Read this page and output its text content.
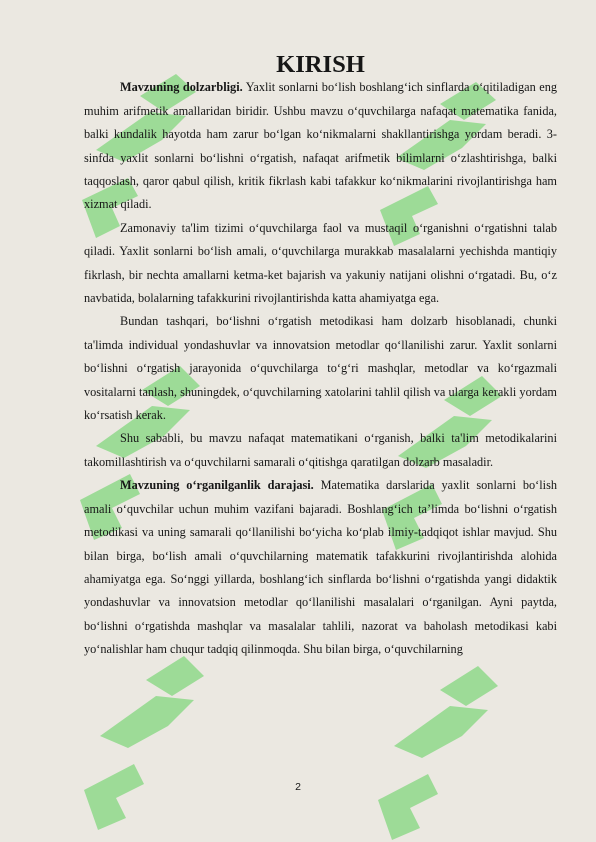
KIRISH

Mavzuning dolzarbligi. Yaxlit sonlarni bo‘lish boshlang‘ich sinflarda o‘qitiladigan eng muhim arifmetik amallaridan biridir. Ushbu mavzu o‘quvchilarga nafaqat matematika fanida, balki kundalik hayotda ham zarur bo‘lgan ko‘nikmalarni shakllantirishga yordam beradi. 3-sinfda yaxlit sonlarni bo‘lishni o‘rgatish, nafaqat arifmetik bilimlarni o‘zlashtirishga, balki taqqoslash, qaror qabul qilish, kritik fikrlash kabi tafakkur ko‘nikmalarini rivojlantirishga ham xizmat qiladi.

Zamonaviy ta'lim tizimi o‘quvchilarga faol va mustaqil o‘rganishni o‘rgatishni talab qiladi. Yaxlit sonlarni bo‘lish amali, o‘quvchilarga murakkab masalalarni yechishda mantiqiy fikrlash, bir nechta amallarni ketma-ket bajarish va yakuniy natijani olishni o‘rgatadi. Bu, o‘z navbatida, bolalarning tafakkurini rivojlantirishda katta ahamiyatga ega.

Bundan tashqari, bo‘lishni o‘rgatish metodikasi ham dolzarb hisoblanadi, chunki ta'limda individual yondashuvlar va innovatsion metodlar qo‘llanilishi zarur. Yaxlit sonlarni bo‘lishni o‘rgatish jarayonida o‘quvchilarga to‘g‘ri mashqlar, metodlar va ko‘rgazmali vositalarni tanlash, shuningdek, o‘quvchilarning xatolarini tahlil qilish va ularga kerakli yordam ko‘rsatish kerak.

Shu sababli, bu mavzu nafaqat matematikani o‘rganish, balki ta'lim metodikalarini takomillashtirish va o‘quvchilarni samarali o‘qitishga qaratilgan dolzarb masaladir.

Mavzuning o‘rganilganlik darajasi. Matematika darslarida yaxlit sonlarni bo‘lish amali o‘quvchilar uchun muhim vazifani bajaradi. Boshlang‘ich ta’limda bo‘lishni o‘rgatish metodikasi va uning samarali qo‘llanilishi bo‘yicha ko‘plab ilmiy-tadqiqot ishlar mavjud. Shu bilan birga, bo‘lish amali o‘quvchilarning matematik tafakkurini rivojlantirishda alohida ahamiyatga ega. So‘nggi yillarda, boshlang‘ich sinflarda bo‘lishni o‘rgatishda yangi didaktik yondashuvlar va innovatsion metodlar qo‘llanilishi masalalari o‘rganilgan. Ayni paytda, bo‘lishni o‘rgatishda mashqlar va masalalar tahlili, nazorat va baholash metodikasi kabi yo‘nalishlar ham chuqur tadqiq qilinmoqda. Shu bilan birga, o‘quvchilarning

2
